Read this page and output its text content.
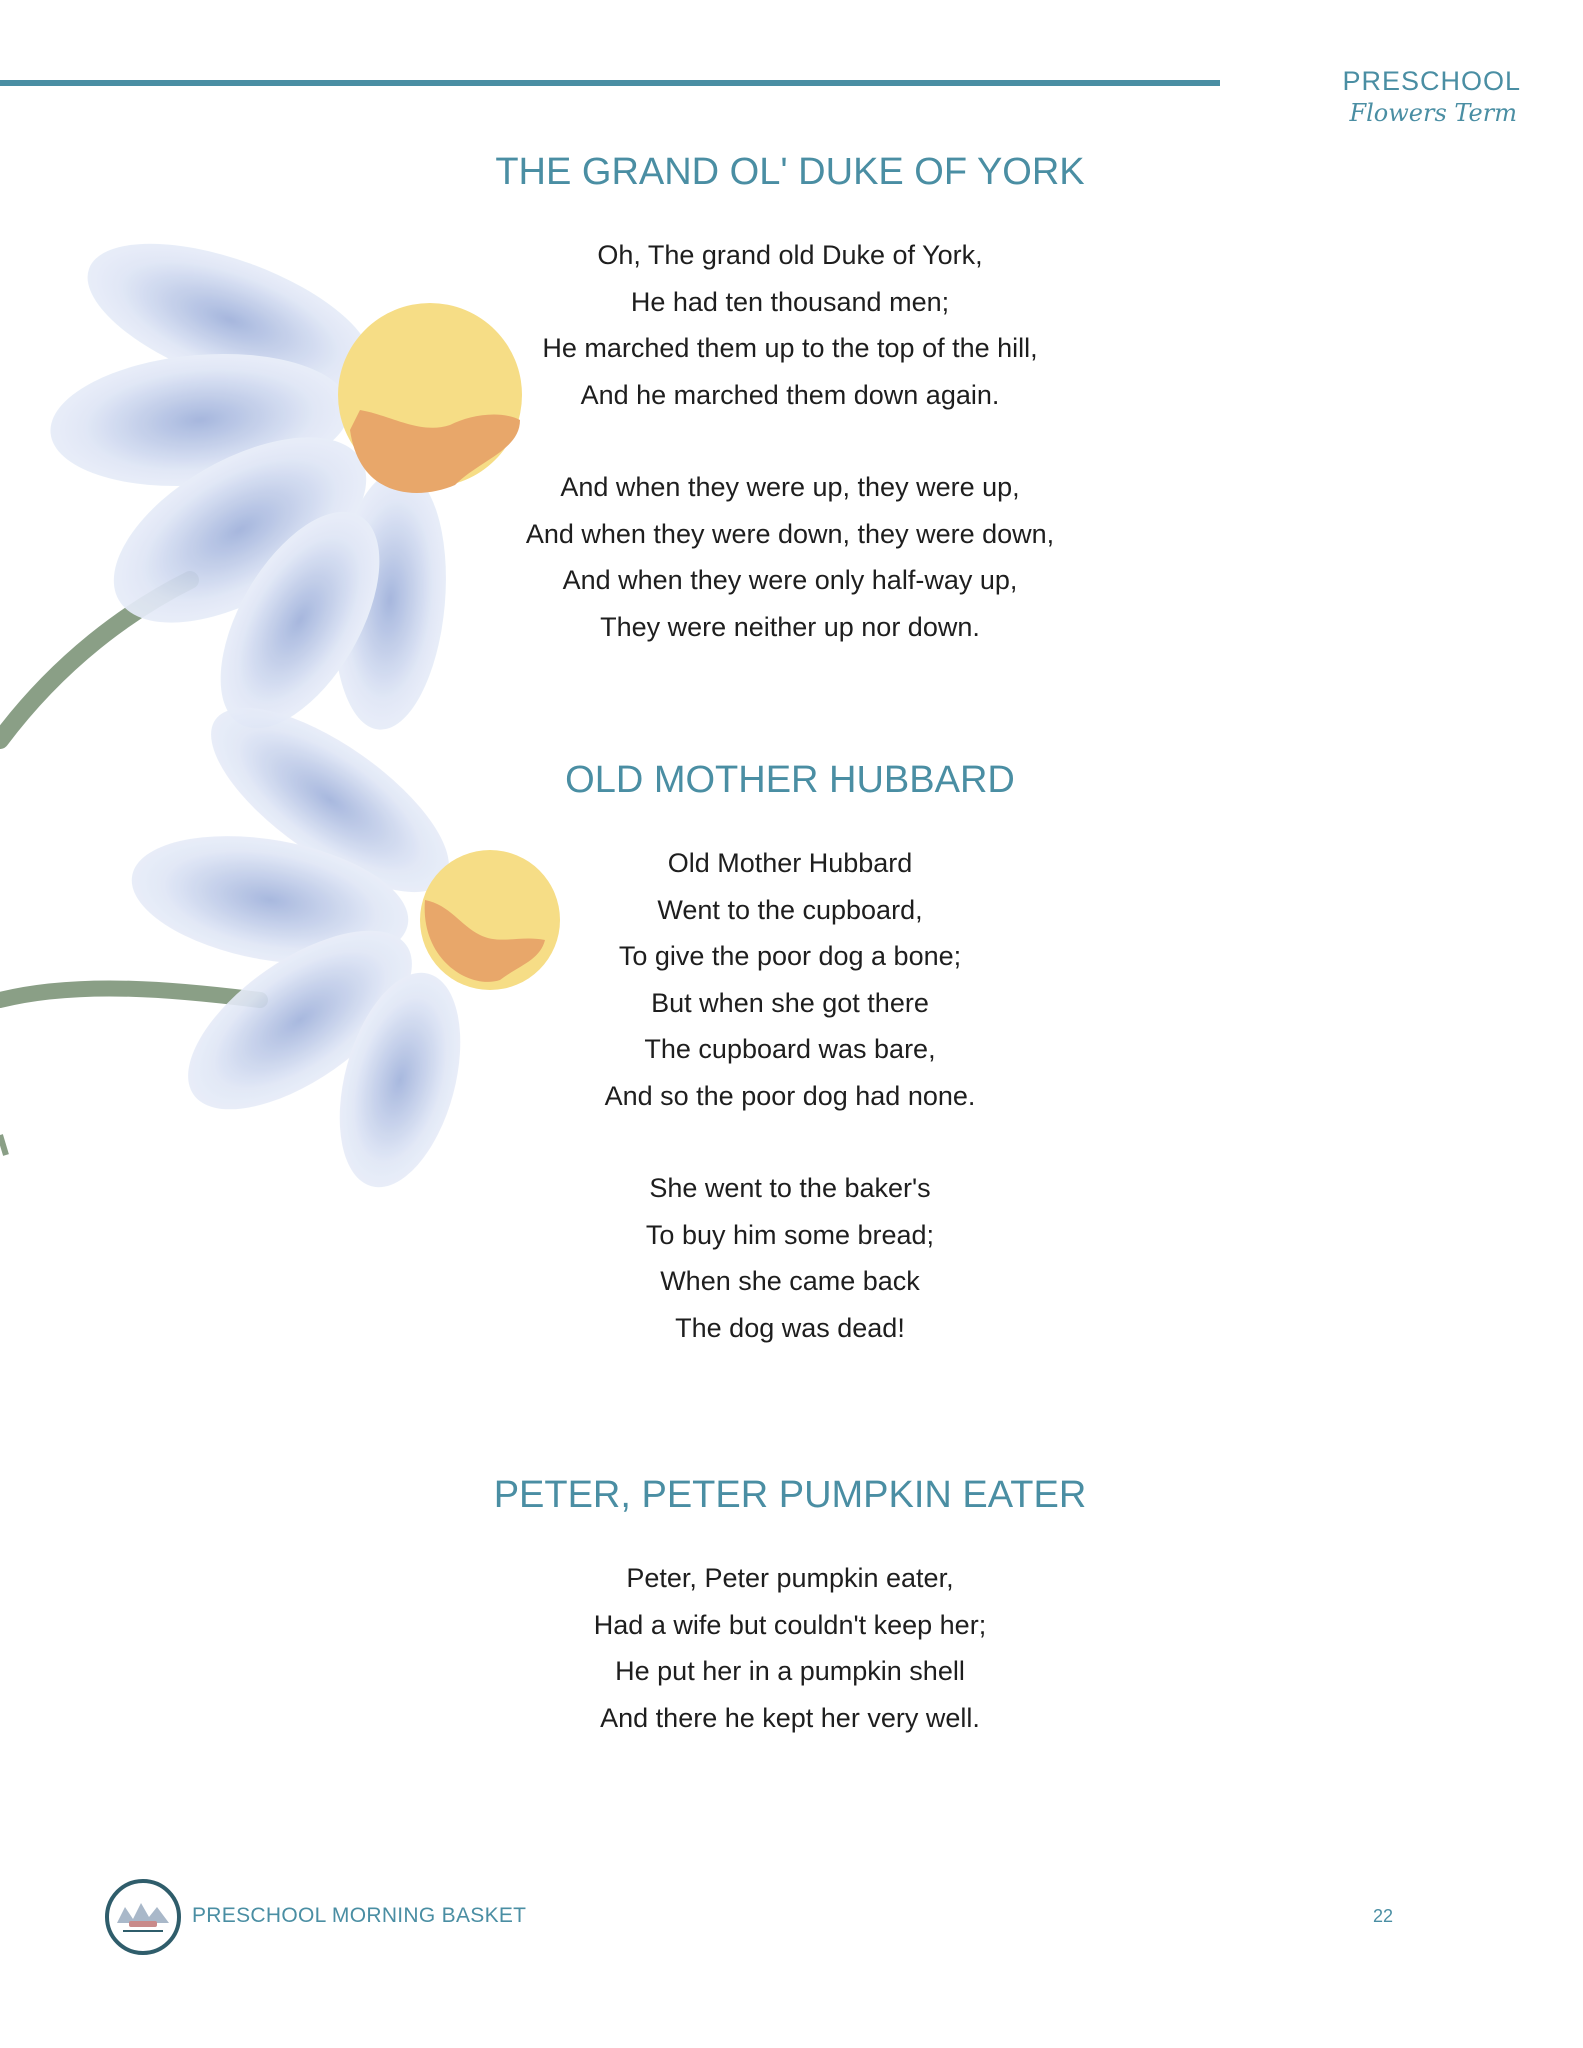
PRESCHOOL
Flowers Term
THE GRAND OL' DUKE OF YORK
Oh, The grand old Duke of York,
He had ten thousand men;
He marched them up to the top of the hill,
And he marched them down again.
And when they were up, they were up,
And when they were down, they were down,
And when they were only half-way up,
They were neither up nor down.
OLD MOTHER HUBBARD
Old Mother Hubbard
Went to the cupboard,
To give the poor dog a bone;
But when she got there
The cupboard was bare,
And so the poor dog had none.
She went to the baker's
To buy him some bread;
When she came back
The dog was dead!
PETER, PETER PUMPKIN EATER
Peter, Peter pumpkin eater,
Had a wife but couldn't keep her;
He put her in a pumpkin shell
And there he kept her very well.
PRESCHOOL MORNING BASKET	22
